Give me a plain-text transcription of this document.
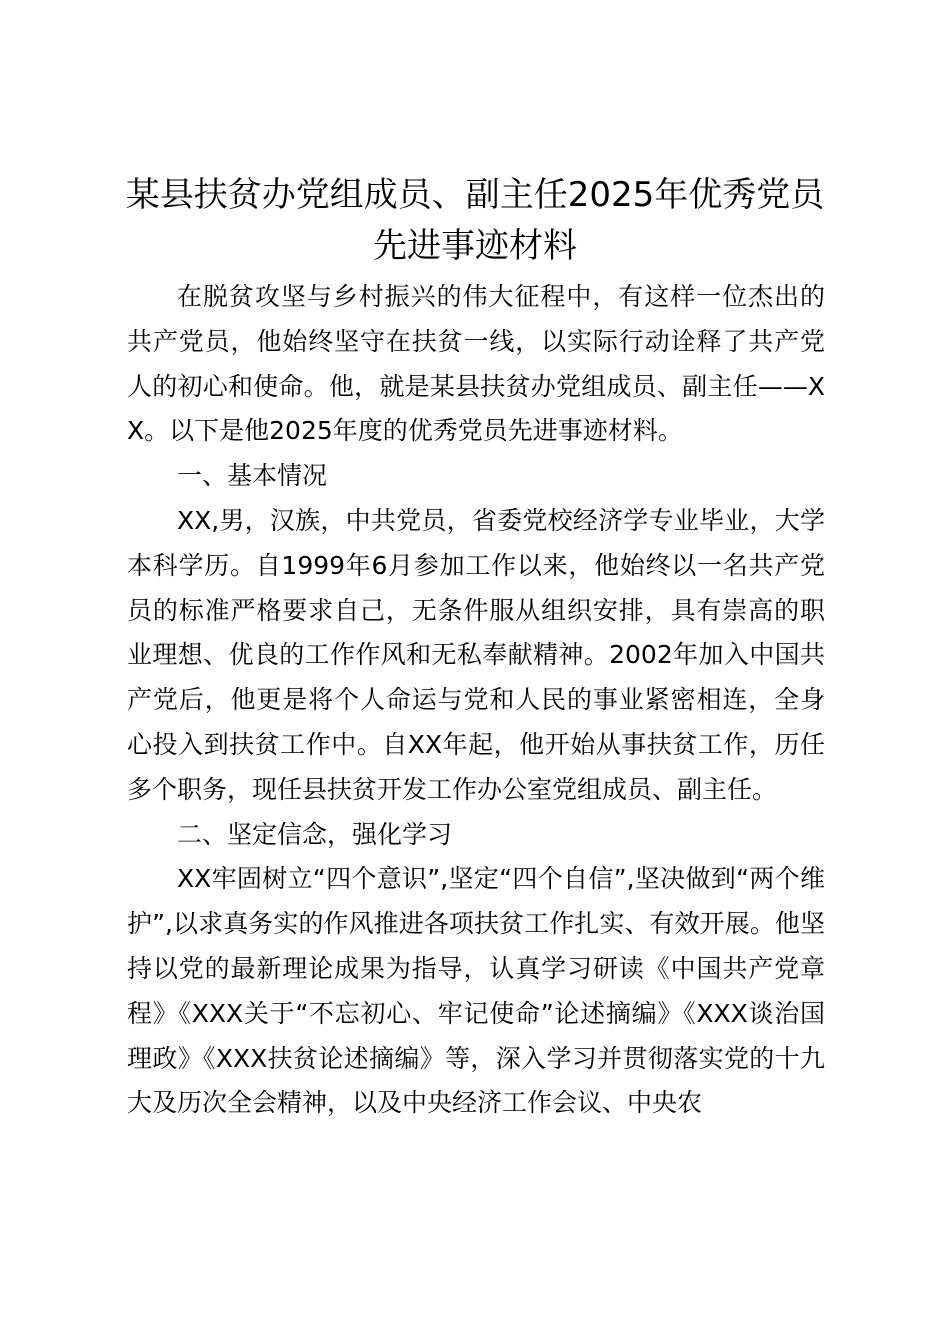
某县扶贫办党组成员、副主任2025年优秀党员先进事迹材料

在脱贫攻坚与乡村振兴的伟大征程中，有这样一位杰出的共产党员，他始终坚守在扶贫一线，以实际行动诠释了共产党人的初心和使命。他，就是某县扶贫办党组成员、副主任——XX。以下是他2025年度的优秀党员先进事迹材料。

一、基本情况

XX,男，汉族，中共党员，省委党校经济学专业毕业，大学本科学历。自1999年6月参加工作以来，他始终以一名共产党员的标准严格要求自己，无条件服从组织安排，具有崇高的职业理想、优良的工作作风和无私奉献精神。2002年加入中国共产党后，他更是将个人命运与党和人民的事业紧密相连，全身心投入到扶贫工作中。自XX年起，他开始从事扶贫工作，历任多个职务，现任县扶贫开发工作办公室党组成员、副主任。

二、坚定信念，强化学习

XX牢固树立“四个意识”,坚定“四个自信”,坚决做到“两个维护”,以求真务实的作风推进各项扶贫工作扎实、有效开展。他坚持以党的最新理论成果为指导，认真学习研读《中国共产党章程》《XXX关于“不忘初心、牢记使命”论述摘编》《XXX谈治国理政》《XXX扶贫论述摘编》等，深入学习并贯彻落实党的十九大及历次全会精神，以及中央经济工作会议、中央农
